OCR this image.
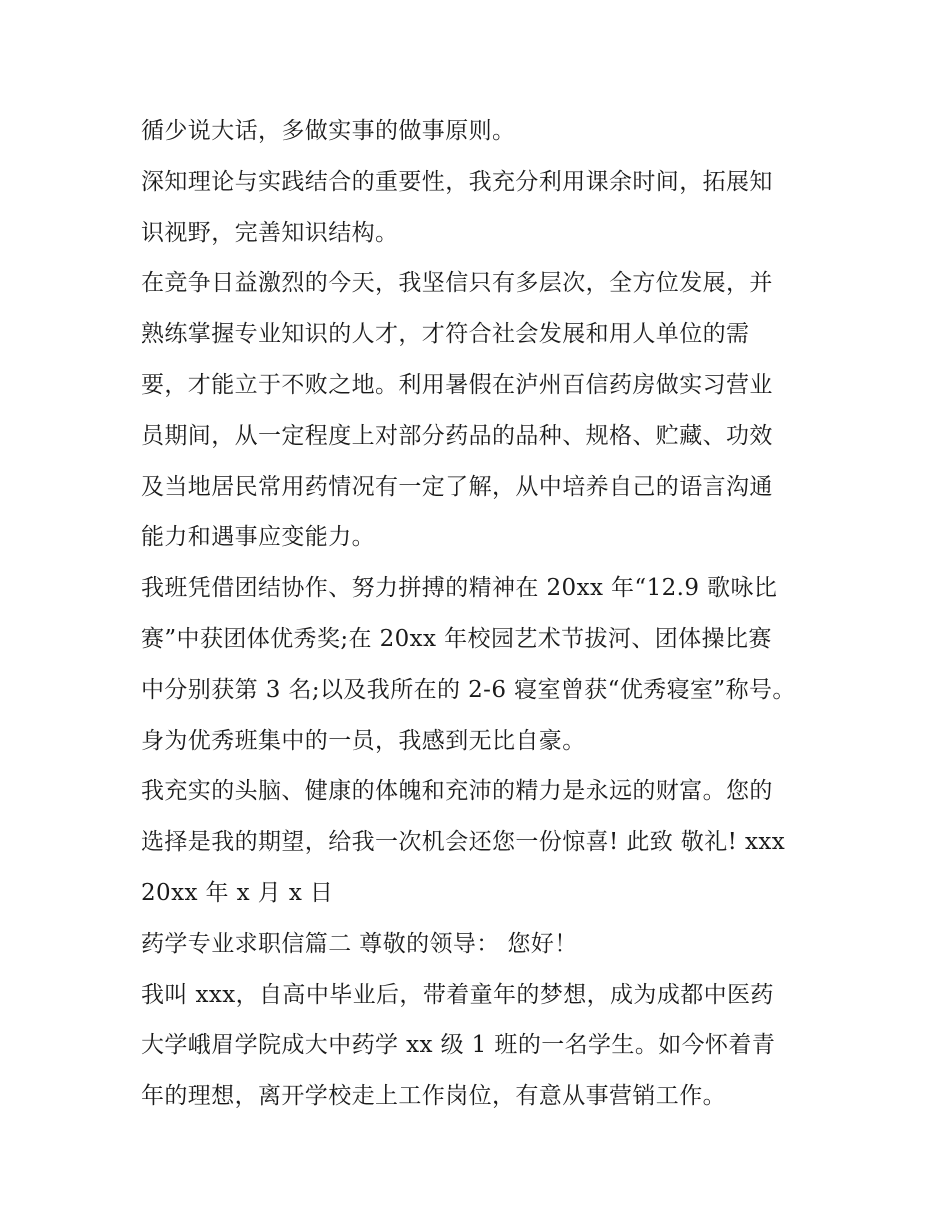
循少说大话，多做实事的做事原则。
深知理论与实践结合的重要性，我充分利用课余时间，拓展知
识视野，完善知识结构。
在竞争日益激烈的今天，我坚信只有多层次，全方位发展，并
熟练掌握专业知识的人才，才符合社会发展和用人单位的需
要，才能立于不败之地。利用暑假在泸州百信药房做实习营业
员期间，从一定程度上对部分药品的品种、规格、贮藏、功效
及当地居民常用药情况有一定了解，从中培养自己的语言沟通
能力和遇事应变能力。
我班凭借团结协作、努力拼搏的精神在 20xx 年“12.9 歌咏比
赛”中获团体优秀奖;在 20xx 年校园艺术节拔河、团体操比赛
中分别获第 3 名;以及我所在的 2-6 寝室曾获“优秀寝室”称号。
身为优秀班集中的一员，我感到无比自豪。
我充实的头脑、健康的体魄和充沛的精力是永远的财富。您的
选择是我的期望，给我一次机会还您一份惊喜! 此致 敬礼! xxx
20xx 年 x 月 x 日
药学专业求职信篇二 尊敬的领导： 您好！
我叫 xxx，自高中毕业后，带着童年的梦想，成为成都中医药
大学峨眉学院成大中药学 xx 级 1 班的一名学生。如今怀着青
年的理想，离开学校走上工作岗位，有意从事营销工作。
